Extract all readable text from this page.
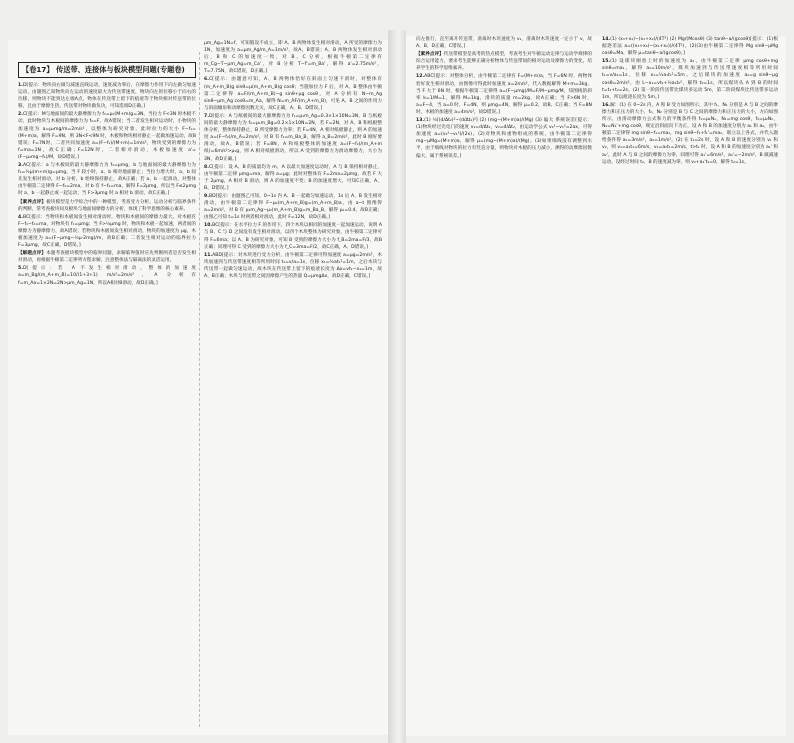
【卷17】 传送带、连接体与板块模型问题(专题卷)
1.D[提示：物块向右做匀减速直线运动，速度减为零后，在摩擦力作用下向左做匀加速运动，由题图乙知物块向左运动的速度最大为传送带速度，物块向左的位移小于向右的位移，则物块不能到达左端A点，物体在传送带上留下的痕迹等于物块相对传送带的位移，且由于摩擦生热，传送带对物块做负功，可知选项D正确。]
2.C[提示：M与地面间的最大静摩擦力为 f₁=μ₁(M+m)g=3N，当拉力 F<3N 时木板不动，此时物块与木板间的摩擦力为 f₂=F，故A错误；当二者发生相对运动时，小物块的加速度为 a=μ₂mg/m=2m/s²，以整体为研究对象，此时拉力的大小 F−f₁=(M+m)a，解得 F=9N，则 3N<F<9N 时，木板和物块相对静止一起做加速运动，故B错误；F=7N时，二者共同加速度 a=(F−f₁)/(M+m)=1m/s²，物块受到的摩擦力为 f=ma=1N，故C正确；F=12N时，二者相对滑动，木板加速度 a'=(F−μ₂mg−f₁)/M，故D错误。]
3.AC[提示：a 与木板间的最大静摩擦力为 f₁=μmg，b 与地面间的最大静摩擦力为 f₂=½μ(m+m)g=μmg，当 F 较小时，a、b 相对地面静止；当拉力增大时，a、b 间先发生相对滑动，对 b 分析，b 始终保持静止，故A正确；若 a、b 一起滑动，对整体由牛顿第二定律得 F−f₂=2ma，对 b 有 f−f₂=ma，解得 F=2μmg，所以当 F≤2μmg 时 a、b 一起静止或一起运动；当 F>3μmg 时 a 相对 b 滑动，故C正确。]
【素养点评】板块模型是力学综合中的一种模型，考查受力分析、运动分析与临界条件的判断，常考查板块间及板块与地面间摩擦力的分析，体现了科学思维的核心素养。
4.BC[提示：当物块和木板间发生相对滑动时，物块和木板间的摩擦力最大，对木板有 F−f₁−f₂=ma，对物块有 f₁=μmg；当 F>½μmg 时，物块和木板一起加速，两者间的摩擦力为静摩擦力，故A错误；若物块和木板间发生相对滑动，物块的加速度为 μg，木板加速度为 a=(F−μmg−½μ·2mg)/m，故B正确；二者发生相对运动的临界拉力 F=3μmg，故C正确，D错误。]
【解题点评】本题考查板块模型中的临界问题，求解临界值时应先判断两者是否发生相对滑动，再根据牛顿第二定律列方程求解，注意整体法与隔离法的灵活运用。
5.D[提示：若 A 不发生相对滑动，整体的加速度 a=m_Bg/(m_A+m_B)=10/(1+3+1) m/s²=2m/s²，A 分析有 f=m_Aa=1×2N=2N>μm_Ag=1N，所以A相对B滑动，故D正确。]
μm_Ag=1N=f，可知假设不成立，即 A、B 两物体发生相对滑动，A 所受的摩擦力为 1N，加速度为 a=μm_Ag/m_A=1m/s²，故A、B错误；A、B 两物体发生相对滑动后，B 和 C 的加速度一致，对 B、C 分析，根据牛顿第二定律有 m_Cg−T−μm_Ag=m_Ca'，对 B 分析 T−f'=m_Ba'，解得 a'=2.75m/s²，T=7.75N，故C错误，D正确。]
6.C[提示：由题意可知，A、B 两物体恰好在斜面上匀速下滑时，对整体有 (m_A+m_B)g sinθ=μ(m_A+m_B)g cosθ；当施加拉力 F 后，对 A、B 整体由牛顿第二定律得 a=F/(m_A+m_B)−g sinθ+μg cosθ，对 A 分析有 N−m_Ag sinθ−μm_Ag cosθ=m_Aa，解得 N=m_AF/(m_A+m_B)，可见 A、B 之间的作用力与斜面倾角和动摩擦因数无关，故C正确，A、B、D错误。]
7.D[提示：A 与纸板间的最大静摩擦力为 f₁=μ₁m_Ag=0.3×1×10N=3N，B 与纸板间的最大静摩擦力为 f₂=μ₁m_Bg=0.2×1×10N=2N，若 F=2N，对 A、B 和纸板整体分析，整体保持静止，B 所受摩擦力为零；若 F=4N，A 相对纸板静止，则 A 的加速度 a=(F−f₂)/m_A=2m/s²，对 B 有 f₂=m_Ba_B，解得 a_B=2m/s²，此时 B 刚好要滑动，故A、B错误；若 F=8N，A 和纸板整体的加速度 a=(F−f₂)/(m_A+m纸)=6m/s²>μ₁g，则 A 相对纸板滑动，所以 A 受到的摩擦力为滑动摩擦力，大小为 3N，故D正确。]
8.C[提示：设 A、B 的质量均为 m，A 以最大加速度运动时，A 与 B 保持相对静止，由牛顿第二定律 μmg=ma，解得 a=μg；此时对整体有 F=2ma=2μmg，故若 F 大于 2μmg，A 相对 B 滑动，则 A 的加速度不变；B 的加速度增大，可知C正确，A、B、D错误。]
9.BD[提示：由题图乙可知，0~1s 内 A、B 一起做匀加速运动，1s 后 A、B 发生相对滑动，由牛顿第二定律得 F−μ₂(m_A+m_B)g=(m_A+m_B)a，由 a−t 图像得 a=2m/s²，对 B 有 μ₁m_Ag−μ₂(m_A+m_B)g=m_Ba_B，解得 μ₁=0.4，故B正确；由图乙可知 t=1s 时两者相对滑动，此时 F=12N，故D正确。]
10.BC[提示：在水平拉力 F 的作用下，四个木块以相同的加速度一起加速运动，说明 A 与 B、C 与 D 之间没有发生相对滑动，以四个木块整体为研究对象，由牛顿第二定律可得 F=6ma；以 A、B 为研究对象，可知 B 受到的摩擦力大小为 f_B=2ma=F/3，故B正确；同理可得 C 受到的摩擦力大小为 f_C=3ma=F/2，故C正确，A、D错误。]
11.ABD[提示：对木块进行受力分析，由牛顿第二定律可得加速度 a=μg=2m/s²，木块加速到与传送带速度相等所用时间 t₁=v/a=1s，位移 x₁=½at₁²=1m，之后木块与传送带一起做匀速运动，故木块在传送带上留下的痕迹长度为 Δx=vt₁−x₁=1m，故A、B正确；木块与传送带之间因摩擦产生的热量 Q=μmgΔx，故D正确，C错误。]
向左推行，直至离开传送带，滑离时木块速度为 v₁，滑离时木块速度一定小于 v，故A、B、D正确，C错误。]
【素养点评】传送带模型是高考的热点模型，考查考生对牛顿运动定律与运动学规律的综合运用能力，要求考生能够正确分析物体与传送带间的相对运动及摩擦力的变化，培养学生的科学思维素养。
12.ABC[提示：对整体分析，由牛顿第二定律有 F=(M+m)a，当 F=6N 时，两物体恰好发生相对滑动，由图像可得此时加速度 a=2m/s²，代入数据解得 M+m=3kg，当 F 大于 6N 时，根据牛顿第二定律得 a=(F−μmg)/M=F/M−μmg/M，知图线的斜率 k=1/M=1，解得 M=1kg，滑块的质量 m=2kg，故A正确；当 F>6N 时，a=F−4，当 a=0 时，F=4N，则 μmg=4N，解得 μ=0.2，故B、C正确；当 F=8N 时，木板的加速度 a=4m/s²，故D错误。]
13.(1) ½[(d/Δt₂)²−(d/Δt₁)²] (2) (mg−(M+m)a)/(Mg) (3) 偏大 系统误差[提示：(1)物块经过光电门的速度 v₁=d/Δt₁，v₂=d/Δt₂，由运动学公式 v₂²−v₁²=2ax，可得加速度 a=(v₂²−v₁²)/(2x)。(2)对物块和重物组成的系统，由牛顿第二定律得 mg−μMg=(M+m)a，解得 μ=(mg−(M+m)a)/(Mg)。(3)如果细线没有调整到水平，由于细线对物块的拉力有竖直分量，则物块对木板的压力减小，测得的动摩擦因数偏大，属于系统误差。]
14.(1) (x₃+x₄)−(x₁+x₂)/(4T²) (2) Mg/(Mcosθ) (3) tanθ−a/(gcosθ)[提示：(1)根据逐差法 a=((x₃+x₄)−(x₁+x₂))/(4T²)。(2)(3)由牛顿第二定律得 Mg sinθ−μMg cosθ=Ma，解得 μ=tanθ−a/(gcosθ)。]
15.(1) 设煤块刚放上时的加速度为 a₁，由牛顿第二定律 μmg cosθ+mg sinθ=ma₁，解得 a₁=10m/s²，煤块加速到与传送带速度相等所用时间 t₁=v/a₁=1s，位移 x₁=½a₁t₁²=5m。之后煤块的加速度 a₂=g sinθ−μg cosθ=2m/s²，由 L−x₁=vt₂+½a₂t₂²，解得 t₂=1s，所以煤块从 A 到 B 的时间 t=t₁+t₂=2s。(2) 第一阶段传送带比煤块多运动 5m，第二阶段煤块比传送带多运动 1m，所以痕迹长度为 5m。]
16.解：(1) 在 0~2s 内，A 和 B 受力如图所示，其中 f₁、N₁ 分别是 A 与 B 之间的摩擦力和正压力的大小，f₂、N₂ 分别是 B 与 C 之间的摩擦力和正压力的大小，方向如图所示，由滑动摩擦力公式和力的平衡条件得 f₁=μ₁N₁，N₁=mg cosθ，f₂=μ₂N₂，N₂=N₁'+mg cosθ，规定沿斜面向下为正，设 A 和 B 的加速度分别为 a₁ 和 a₂，由牛顿第二定律得 mg sinθ−f₁=ma₁，mg sinθ−f₂+f₁'=ma₂，联立以上各式，并代入题给条件得 a₁=3m/s²，a₂=1m/s²。(2) 在 t₁=2s 时，设 A 和 B 的速度分别为 v₁ 和 v₂，则 v₁=a₁t₁=6m/s，v₂=a₂t₁=2m/s，t>t₁ 时，设 A 和 B 的加速度分别为 a₁' 和 a₂'，此时 A 与 B 之间的摩擦力为零，同理可得 a₁'=6m/s²，a₂'=−2m/s²，B 做减速运动，设经过时间 t₂，B 的速度减为零，则 v₂+a₂'t₂=0，解得 t₂=1s。
